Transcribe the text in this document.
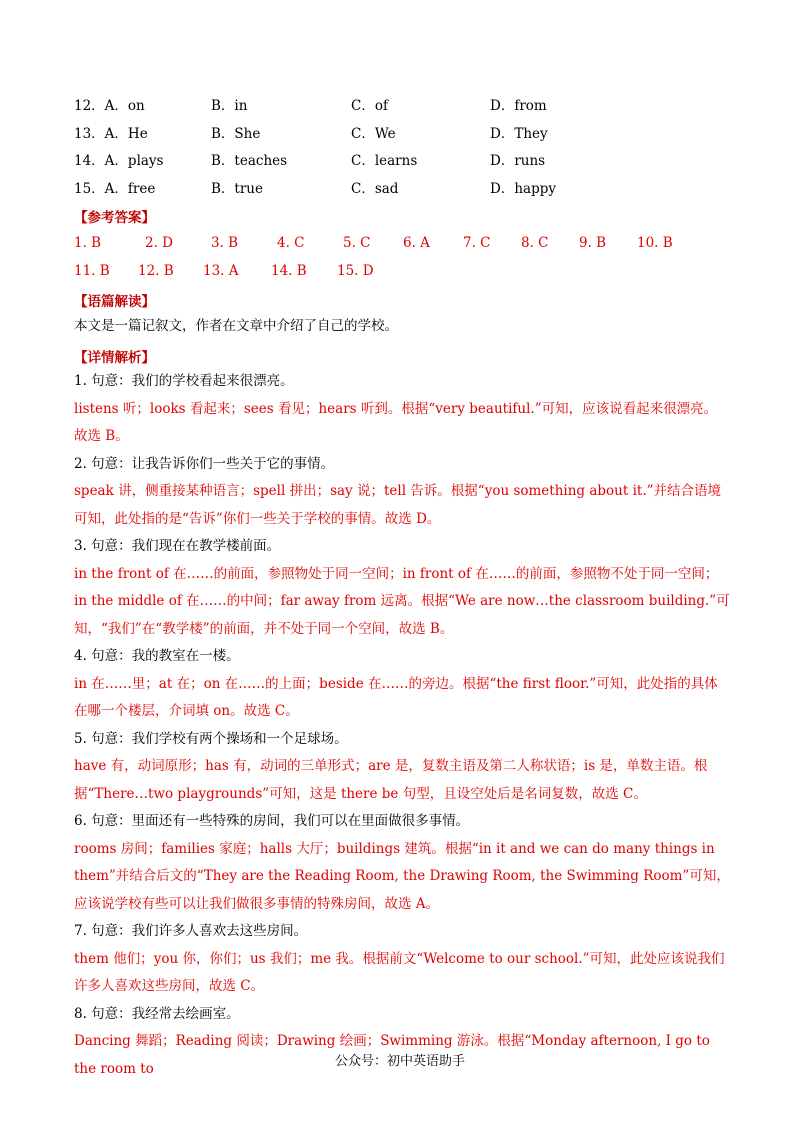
12．A．on	B．in	C．of	D．from
13．A．He	B．She	C．We	D．They
14．A．plays	B．teaches	C．learns	D．runs
15．A．free	B．true	C．sad	D．happy
【参考答案】
1. B	2. D	3. B	4. C	5. C 6. A 7. C 8. C 9. B 10. B
11. B 12. B 13. A 14. B 15. D
【语篇解读】
本文是一篇记叙文，作者在文章中介绍了自己的学校。
【详情解析】
1. 句意：我们的学校看起来很漂亮。
listens 听；looks 看起来；sees 看见；hears 听到。根据“very beautiful.”可知，应该说看起来很漂亮。故选 B。
2. 句意：让我告诉你们一些关于它的事情。
speak 讲，侧重接某种语言；spell 拼出；say 说；tell 告诉。根据“you something about it.”并结合语境可知，此处指的是“告诉”你们一些关于学校的事情。故选 D。
3. 句意：我们现在在教学楼前面。
in the front of 在……的前面，参照物处于同一空间；in front of 在……的前面，参照物不处于同一空间；in the middle of 在……的中间；far away from 远离。根据“We are now…the classroom building.”可知，“我们”在“教学楼”的前面，并不处于同一个空间，故选 B。
4. 句意：我的教室在一楼。
in 在……里；at 在；on 在……的上面；beside 在……的旁边。根据“the first floor.”可知，此处指的具体在哪一个楼层，介词填 on。故选 C。
5. 句意：我们学校有两个操场和一个足球场。
have 有，动词原形；has 有，动词的三单形式；are 是，复数主语及第二人称状语；is 是，单数主语。根据“There…two playgrounds”可知，这是 there be 句型，且设空处后是名词复数，故选 C。
6. 句意：里面还有一些特殊的房间，我们可以在里面做很多事情。
rooms 房间；families 家庭；halls 大厅；buildings 建筑。根据“in it and we can do many things in them”并结合后文的“They are the Reading Room, the Drawing Room, the Swimming Room”可知，应该说学校有些可以让我们做很多事情的特殊房间，故选 A。
7. 句意：我们许多人喜欢去这些房间。
them 他们；you 你，你们；us 我们；me 我。根据前文“Welcome to our school.”可知，此处应该说我们许多人喜欢这些房间，故选 C。
8. 句意：我经常去绘画室。
Dancing 舞蹈；Reading 阅读；Drawing 绘画；Swimming 游泳。根据“Monday afternoon, I go to the room to	公众号：初中英语助手
